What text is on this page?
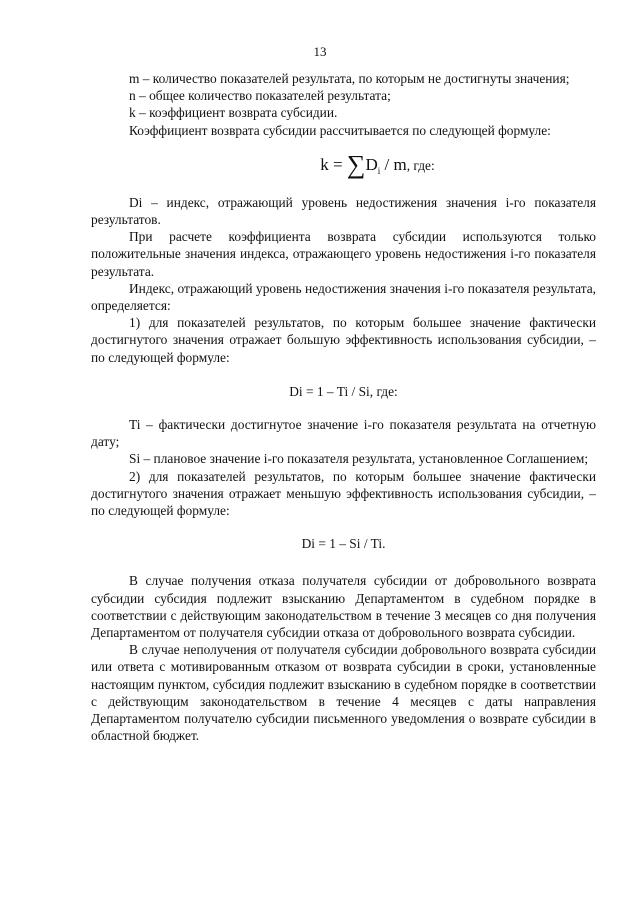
13

m – количество показателей результата, по которым не достигнуты значения;

n – общее количество показателей результата;

k – коэффициент возврата субсидии.

Коэффициент возврата субсидии рассчитывается по следующей формуле:

$k = \sum D_i / m$, где:

Di – индекс, отражающий уровень недостижения значения i-го показателя результатов.

При расчете коэффициента возврата субсидии используются только положительные значения индекса, отражающего уровень недостижения i-го показателя результата.

Индекс, отражающий уровень недостижения значения i-го показателя результата, определяется:

1) для показателей результатов, по которым большее значение фактически достигнутого значения отражает большую эффективность использования субсидии, – по следующей формуле:

Di = 1 – Ti / Si, где:

Ti – фактически достигнутое значение i-го показателя результата на отчетную дату;

Si – плановое значение i-го показателя результата, установленное Соглашением;

2) для показателей результатов, по которым большее значение фактически достигнутого значения отражает меньшую эффективность использования субсидии, – по следующей формуле:

Di = 1 – Si / Ti.

В случае получения отказа получателя субсидии от добровольного возврата субсидии субсидия подлежит взысканию Департаментом в судебном порядке в соответствии с действующим законодательством в течение 3 месяцев со дня получения Департаментом от получателя субсидии отказа от добровольного возврата субсидии.

В случае неполучения от получателя субсидии добровольного возврата субсидии или ответа с мотивированным отказом от возврата субсидии в сроки, установленные настоящим пунктом, субсидия подлежит взысканию в судебном порядке в соответствии с действующим законодательством в течение 4 месяцев с даты направления Департаментом получателю субсидии письменного уведомления о возврате субсидии в областной бюджет.
